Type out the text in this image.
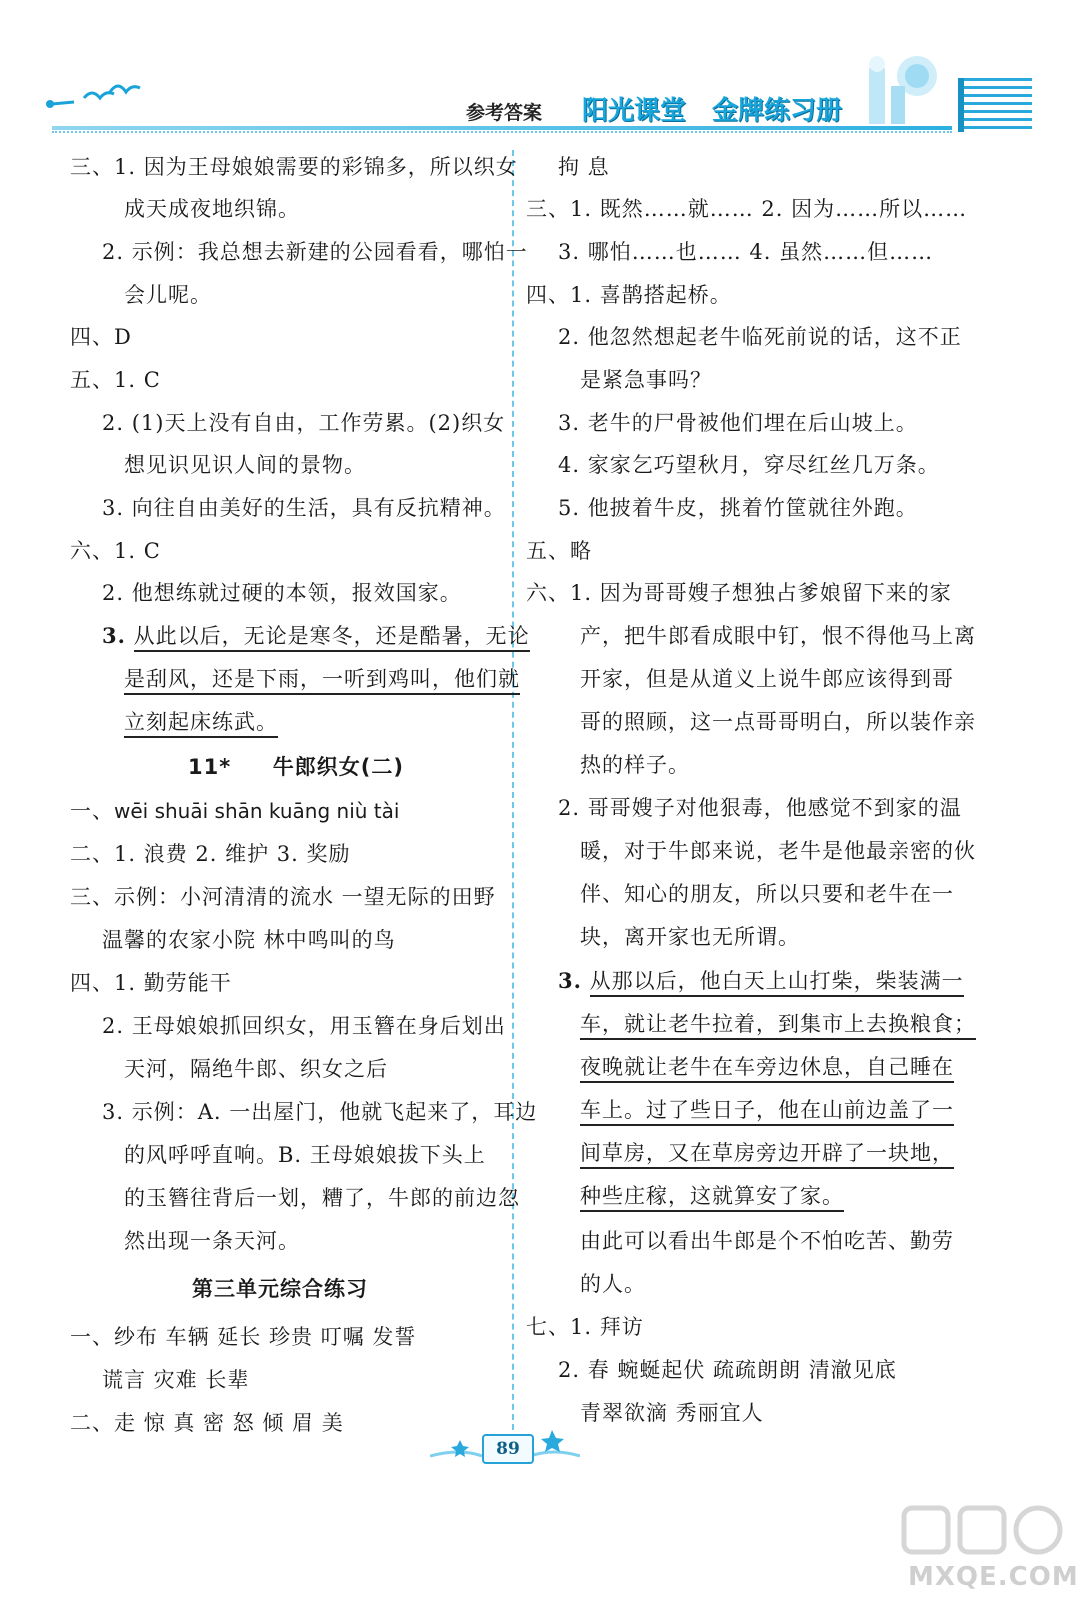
参考答案 阳光课堂 金牌练习册
三、1. 因为王母娘娘需要的彩锦多，所以织女
成天成夜地织锦。
2. 示例：我总想去新建的公园看看，哪怕一
会儿呢。
四、D
五、1. C
2. (1)天上没有自由，工作劳累。(2)织女
想见识见识人间的景物。
3. 向往自由美好的生活，具有反抗精神。
六、1. C
2. 他想练就过硬的本领，报效国家。
3. 从此以后，无论是寒冬，还是酷暑，无论
是刮风，还是下雨，一听到鸡叫，他们就
立刻起床练武。
11* 牛郎织女(二)
一、wēi shuāi shān kuāng niù tài
二、1. 浪费 2. 维护 3. 奖励
三、示例：小河清清的流水 一望无际的田野
温馨的农家小院 林中鸣叫的鸟
四、1. 勤劳能干
2. 王母娘娘抓回织女，用玉簪在身后划出
天河，隔绝牛郎、织女之后
3. 示例：A. 一出屋门，他就飞起来了，耳边
的风呼呼直响。B. 王母娘娘拔下头上
的玉簪往背后一划，糟了，牛郎的前边忽
然出现一条天河。
第三单元综合练习
一、纱布 车辆 延长 珍贵 叮嘱 发誓
谎言 灾难 长辈
二、走 惊 真 密 怒 倾 眉 美
拘 息
三、1. 既然……就…… 2. 因为……所以……
3. 哪怕……也…… 4. 虽然……但……
四、1. 喜鹊搭起桥。
2. 他忽然想起老牛临死前说的话，这不正
是紧急事吗？
3. 老牛的尸骨被他们埋在后山坡上。
4. 家家乞巧望秋月，穿尽红丝几万条。
5. 他披着牛皮，挑着竹筐就往外跑。
五、略
六、1. 因为哥哥嫂子想独占爹娘留下来的家
产，把牛郎看成眼中钉，恨不得他马上离
开家，但是从道义上说牛郎应该得到哥
哥的照顾，这一点哥哥明白，所以装作亲
热的样子。
2. 哥哥嫂子对他狠毒，他感觉不到家的温
暖，对于牛郎来说，老牛是他最亲密的伙
伴、知心的朋友，所以只要和老牛在一
块，离开家也无所谓。
3. 从那以后，他白天上山打柴，柴装满一
车，就让老牛拉着，到集市上去换粮食；
夜晚就让老牛在车旁边休息，自己睡在
车上。过了些日子，他在山前边盖了一
间草房，又在草房旁边开辟了一块地，
种些庄稼，这就算安了家。
由此可以看出牛郎是个不怕吃苦、勤劳
的人。
七、1. 拜访
2. 春 蜿蜒起伏 疏疏朗朗 清澈见底
青翠欲滴 秀丽宜人
89
MXQE.COM
